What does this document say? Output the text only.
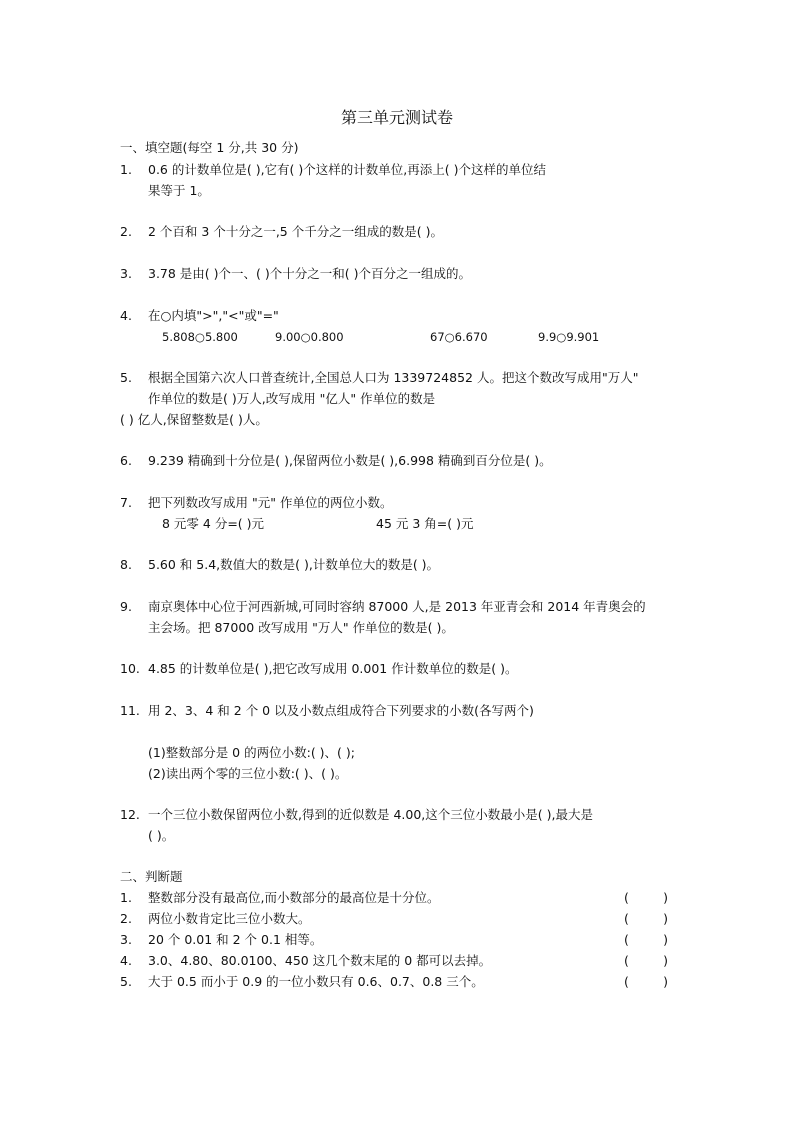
第三单元测试卷
一、填空题(每空 1 分,共 30 分)
1. 0.6 的计数单位是( ),它有( )个这样的计数单位,再添上( )个这样的单位结
果等于 1。
2. 2 个百和 3 个十分之一,5 个千分之一组成的数是( )。
3. 3.78 是由( )个一、( )个十分之一和( )个百分之一组成的。
4. 在○内填">","<"或"="
5.808○5.800	9.00○0.800	67○6.670	9.9○9.901
5. 根据全国第六次人口普查统计,全国总人口为 1339724852 人。把这个数改写成用"万人"
作单位的数是( )万人,改写成用 "亿人" 作单位的数是
( ) 亿人,保留整数是( )人。
6. 9.239 精确到十分位是( ),保留两位小数是( ),6.998 精确到百分位是( )。
7. 把下列数改写成用 "元" 作单位的两位小数。
8 元零 4 分=( )元	45 元 3 角=( )元
8. 5.60 和 5.4,数值大的数是( ),计数单位大的数是( )。
9. 南京奥体中心位于河西新城,可同时容纳 87000 人,是 2013 年亚青会和 2014 年青奥会的
主会场。把 87000 改写成用 "万人" 作单位的数是( )。
10. 4.85 的计数单位是( ),把它改写成用 0.001 作计数单位的数是( )。
11. 用 2、3、4 和 2 个 0 以及小数点组成符合下列要求的小数(各写两个)
(1)整数部分是 0 的两位小数:( )、( );
(2)读出两个零的三位小数:( )、( )。
12. 一个三位小数保留两位小数,得到的近似数是 4.00,这个三位小数最小是( ),最大是
( )。
二、判断题
1. 整数部分没有最高位,而小数部分的最高位是十分位。	(	)
2. 两位小数肯定比三位小数大。	(	)
3. 20 个 0.01 和 2 个 0.1 相等。	(	)
4. 3.0、4.80、80.0100、450 这几个数末尾的 0 都可以去掉。	(	)
5. 大于 0.5 而小于 0.9 的一位小数只有 0.6、0.7、0.8 三个。	(	)
